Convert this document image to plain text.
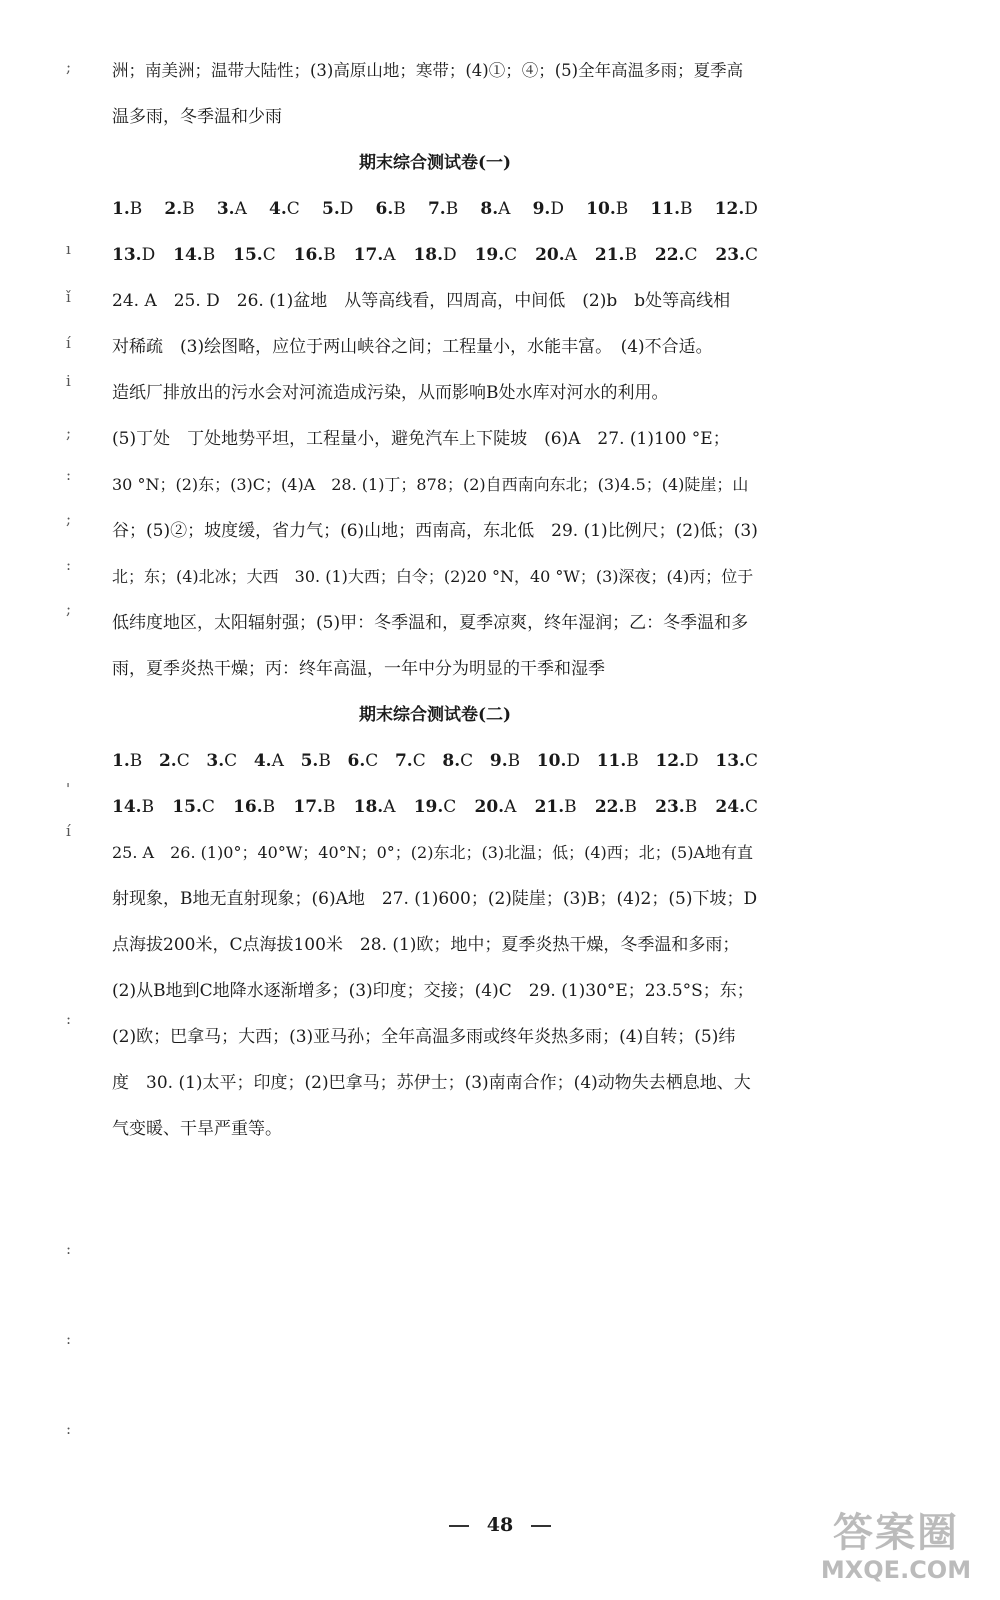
;
ı
ǐ
í
i
;
:
;
:
;
'
í
:
:
:
:
洲；南美洲；温带大陆性；(3)高原山地；寒带；(4)①；④；(5)全年高温多雨；夏季高
温多雨，冬季温和少雨
期末综合测试卷(一)
1.B 2.B 3.A 4.C 5.D 6.B 7.B 8.A 9.D 10.B 11.B 12.D
13.D 14.B 15.C 16.B 17.A 18.D 19.C 20.A 21.B 22.C 23.C
24. A　25. D　26. (1)盆地　从等高线看，四周高，中间低　(2)b　b处等高线相
对稀疏　(3)绘图略，应位于两山峡谷之间；工程量小，水能丰富。　(4)不合适。
造纸厂排放出的污水会对河流造成污染，从而影响B处水库对河水的利用。
(5)丁处　丁处地势平坦，工程量小，避免汽车上下陡坡　(6)A　27. (1)100 °E；
30 °N；(2)东；(3)C；(4)A　28. (1)丁；878；(2)自西南向东北；(3)4.5；(4)陡崖；山
谷；(5)②；坡度缓，省力气；(6)山地；西南高，东北低　29. (1)比例尺；(2)低；(3)
北；东；(4)北冰；大西　30. (1)大西；白令；(2)20 °N，40 °W；(3)深夜；(4)丙；位于
低纬度地区，太阳辐射强；(5)甲：冬季温和，夏季凉爽，终年湿润；乙：冬季温和多
雨，夏季炎热干燥；丙：终年高温，一年中分为明显的干季和湿季
期末综合测试卷(二)
1.B 2.C 3.C 4.A 5.B 6.C 7.C 8.C 9.B 10.D 11.B 12.D 13.C
14.B 15.C 16.B 17.B 18.A 19.C 20.A 21.B 22.B 23.B 24.C
25. A　26. (1)0°；40°W；40°N；0°；(2)东北；(3)北温；低；(4)西；北；(5)A地有直
射现象，B地无直射现象；(6)A地　27. (1)600；(2)陡崖；(3)B；(4)2；(5)下坡；D
点海拔200米，C点海拔100米　28. (1)欧；地中；夏季炎热干燥，冬季温和多雨；
(2)从B地到C地降水逐渐增多；(3)印度；交接；(4)C　29. (1)30°E；23.5°S；东；
(2)欧；巴拿马；大西；(3)亚马孙；全年高温多雨或终年炎热多雨；(4)自转；(5)纬
度　30. (1)太平；印度；(2)巴拿马；苏伊士；(3)南南合作；(4)动物失去栖息地、大
气变暖、干旱严重等。
48	答案圈
MXQE.COM
